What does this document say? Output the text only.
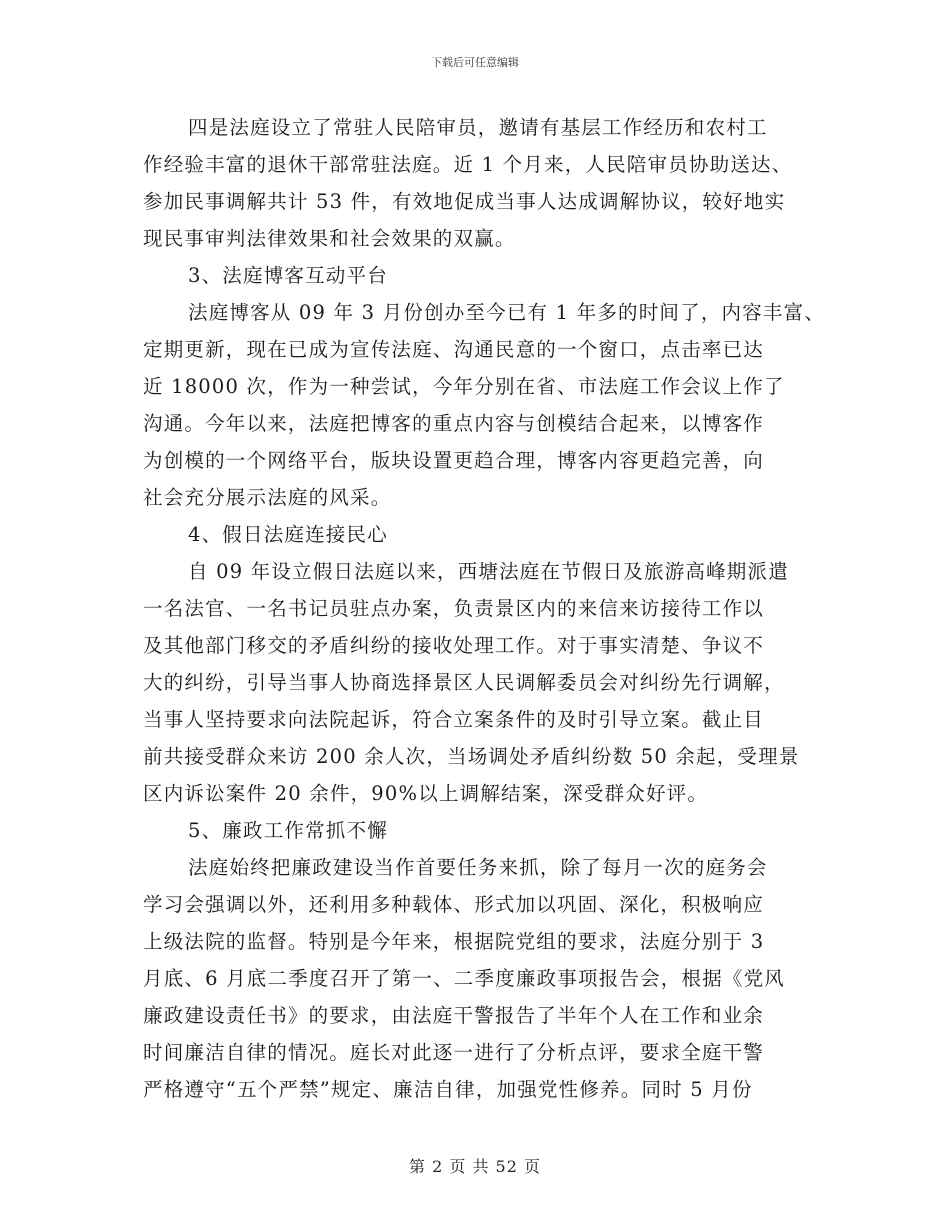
下载后可任意编辑
四是法庭设立了常驻人民陪审员，邀请有基层工作经历和农村工
作经验丰富的退休干部常驻法庭。近 1 个月来，人民陪审员协助送达、
参加民事调解共计 53 件，有效地促成当事人达成调解协议，较好地实
现民事审判法律效果和社会效果的双赢。
3、法庭博客互动平台
法庭博客从 09 年 3 月份创办至今已有 1 年多的时间了，内容丰富、
定期更新，现在已成为宣传法庭、沟通民意的一个窗口，点击率已达
近 18000 次，作为一种尝试，今年分别在省、市法庭工作会议上作了
沟通。今年以来，法庭把博客的重点内容与创模结合起来，以博客作
为创模的一个网络平台，版块设置更趋合理，博客内容更趋完善，向
社会充分展示法庭的风采。
4、假日法庭连接民心
自 09 年设立假日法庭以来，西塘法庭在节假日及旅游高峰期派遣
一名法官、一名书记员驻点办案，负责景区内的来信来访接待工作以
及其他部门移交的矛盾纠纷的接收处理工作。对于事实清楚、争议不
大的纠纷，引导当事人协商选择景区人民调解委员会对纠纷先行调解，
当事人坚持要求向法院起诉，符合立案条件的及时引导立案。截止目
前共接受群众来访 200 余人次，当场调处矛盾纠纷数 50 余起，受理景
区内诉讼案件 20 余件，90%以上调解结案，深受群众好评。
5、廉政工作常抓不懈
法庭始终把廉政建设当作首要任务来抓，除了每月一次的庭务会
学习会强调以外，还利用多种载体、形式加以巩固、深化，积极响应
上级法院的监督。特别是今年来，根据院党组的要求，法庭分别于 3
月底、6 月底二季度召开了第一、二季度廉政事项报告会，根据《党风
廉政建设责任书》的要求，由法庭干警报告了半年个人在工作和业余
时间廉洁自律的情况。庭长对此逐一进行了分析点评，要求全庭干警
严格遵守“五个严禁”规定、廉洁自律，加强党性修养。同时 5 月份
第 2 页 共 52 页
